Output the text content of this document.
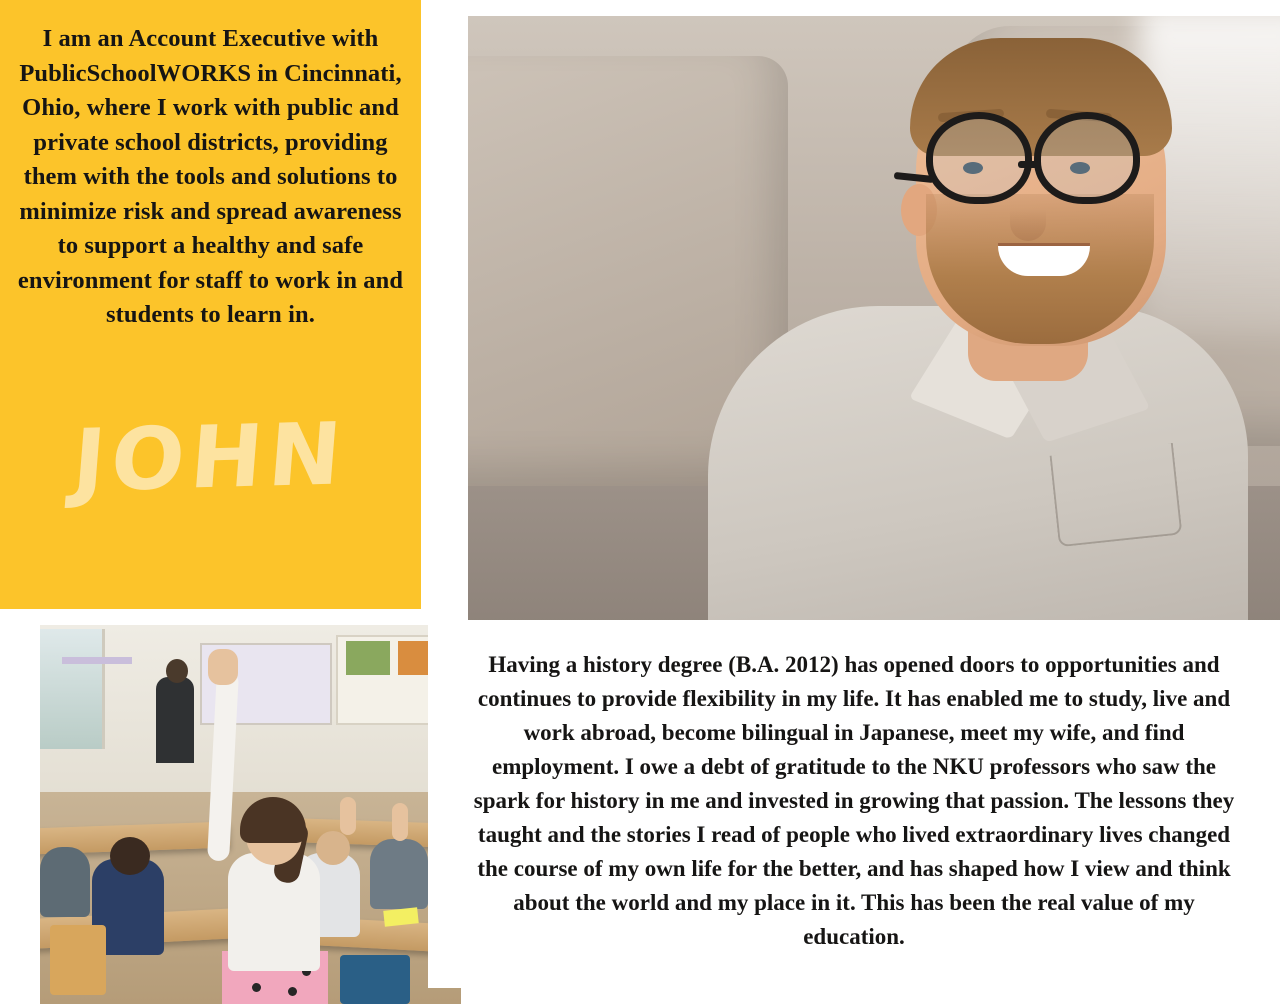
I am an Account Executive with PublicSchoolWORKS in Cincinnati, Ohio, where I work with public and private school districts, providing them with the tools and solutions to minimize risk and spread awareness to support a healthy and safe environment for staff to work in and students to learn in.

JOHN

Having a history degree (B.A. 2012) has opened doors to opportunities and continues to provide flexibility in my life. It has enabled me to study, live and work abroad, become bilingual in Japanese, meet my wife, and find employment. I owe a debt of gratitude to the NKU professors who saw the spark for history in me and invested in growing that passion. The lessons they taught and the stories I read of people who lived extraordinary lives changed the course of my own life for the better, and has shaped how I view and think about the world and my place in it. This has been the real value of my education.
